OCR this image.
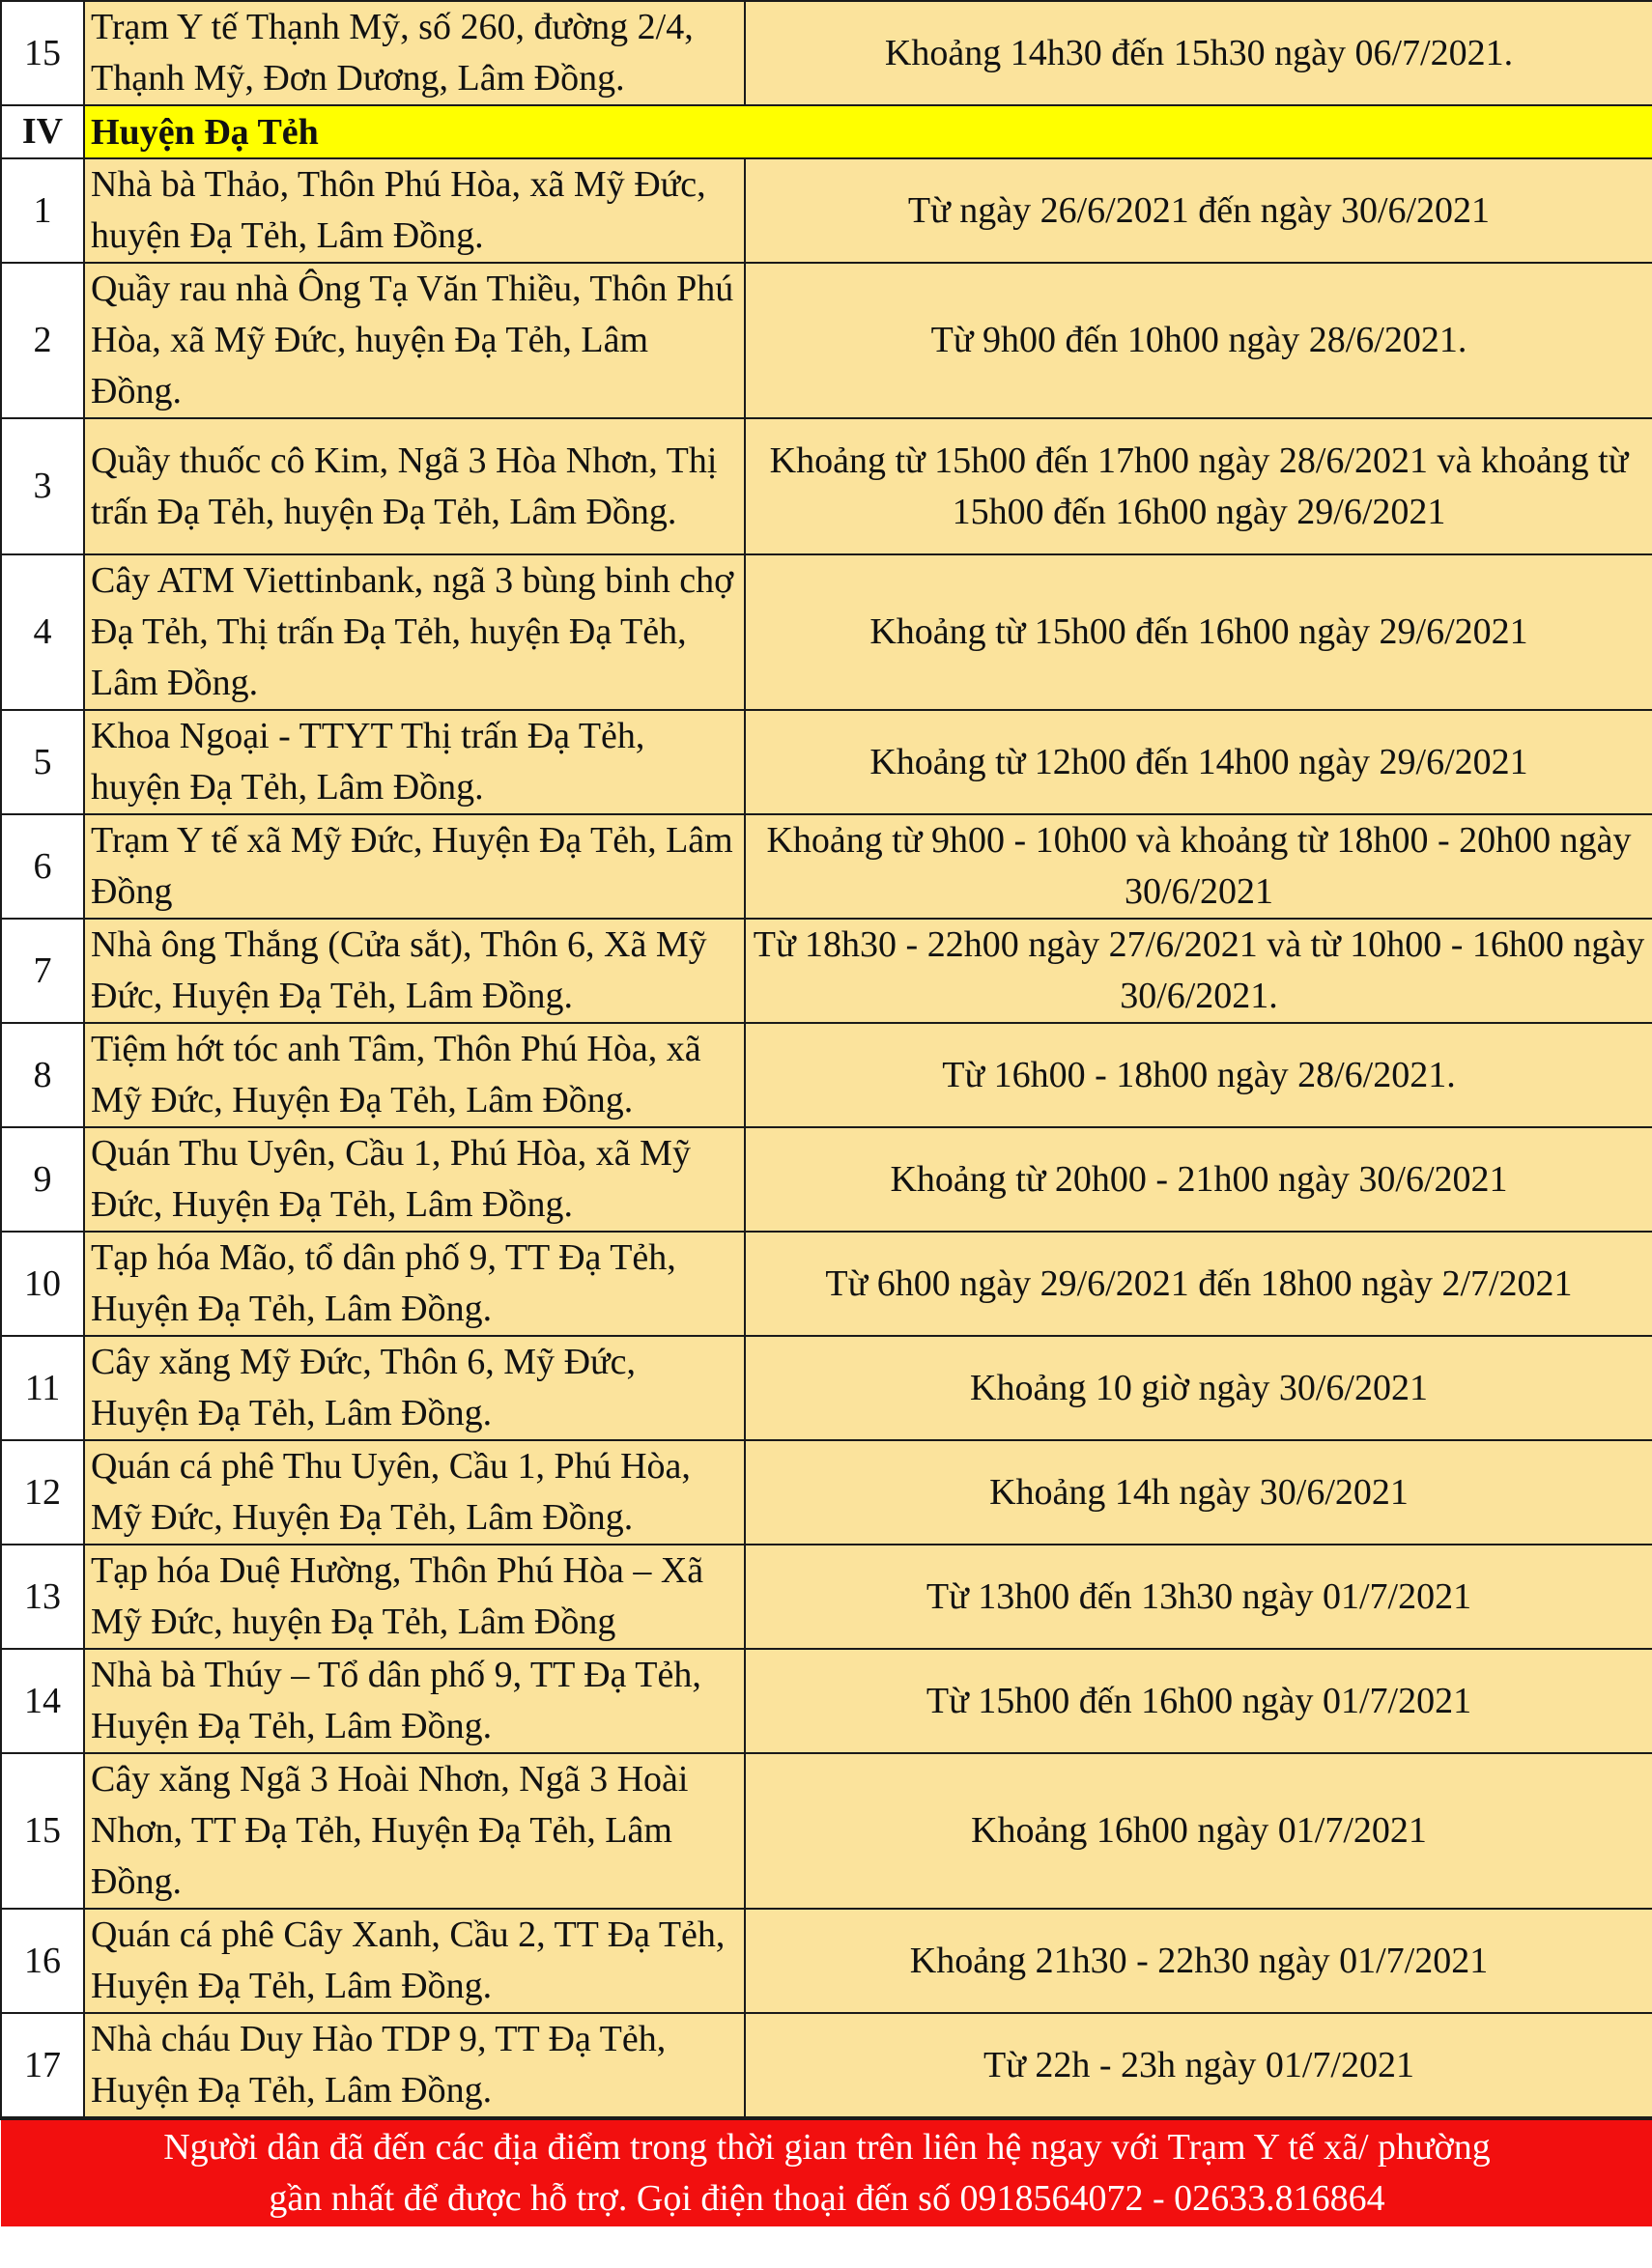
15	Trạm Y tế Thạnh Mỹ, số 260, đường 2/4, Thạnh Mỹ, Đơn Dương, Lâm Đồng.	Khoảng 14h30 đến 15h30 ngày 06/7/2021.
IV	Huyện Đạ Tẻh	
1	Nhà bà Thảo, Thôn Phú Hòa, xã Mỹ Đức, huyện Đạ Tẻh, Lâm Đồng.	Từ ngày 26/6/2021 đến ngày 30/6/2021
2	Quầy rau nhà Ông Tạ Văn Thiều, Thôn Phú Hòa, xã Mỹ Đức, huyện Đạ Tẻh, Lâm Đồng.	Từ 9h00 đến 10h00 ngày 28/6/2021.
3	Quầy thuốc cô Kim, Ngã 3 Hòa Nhơn, Thị trấn Đạ Tẻh, huyện Đạ Tẻh, Lâm Đồng.	Khoảng từ 15h00 đến 17h00 ngày 28/6/2021 và khoảng từ 15h00 đến 16h00 ngày 29/6/2021
4	Cây ATM Viettinbank, ngã 3 bùng binh chợ Đạ Tẻh, Thị trấn Đạ Tẻh, huyện Đạ Tẻh, Lâm Đồng.	Khoảng từ 15h00 đến 16h00 ngày 29/6/2021
5	Khoa Ngoại - TTYT Thị trấn Đạ Tẻh, huyện Đạ Tẻh, Lâm Đồng.	Khoảng từ 12h00 đến 14h00 ngày 29/6/2021
6	Trạm Y tế xã Mỹ Đức, Huyện Đạ Tẻh, Lâm Đồng	Khoảng từ 9h00 - 10h00 và khoảng từ 18h00 - 20h00 ngày 30/6/2021
7	Nhà ông Thắng (Cửa sắt), Thôn 6, Xã Mỹ Đức, Huyện Đạ Tẻh, Lâm Đồng.	Từ 18h30 - 22h00 ngày 27/6/2021 và từ 10h00 - 16h00 ngày 30/6/2021.
8	Tiệm hớt tóc anh Tâm, Thôn Phú Hòa, xã Mỹ Đức, Huyện Đạ Tẻh, Lâm Đồng.	Từ 16h00 - 18h00 ngày 28/6/2021.
9	Quán Thu Uyên, Cầu 1, Phú Hòa, xã Mỹ Đức, Huyện Đạ Tẻh, Lâm Đồng.	Khoảng từ 20h00 - 21h00 ngày 30/6/2021
10	Tạp hóa Mão, tổ dân phố 9, TT Đạ Tẻh, Huyện Đạ Tẻh, Lâm Đồng.	Từ 6h00 ngày 29/6/2021 đến 18h00 ngày 2/7/2021
11	Cây xăng Mỹ Đức, Thôn 6, Mỹ Đức, Huyện Đạ Tẻh, Lâm Đồng.	Khoảng 10 giờ ngày 30/6/2021
12	Quán cá phê Thu Uyên, Cầu 1, Phú Hòa, Mỹ Đức, Huyện Đạ Tẻh, Lâm Đồng.	Khoảng 14h ngày 30/6/2021
13	Tạp hóa Duệ Hường, Thôn Phú Hòa – Xã Mỹ Đức, huyện Đạ Tẻh, Lâm Đồng	Từ 13h00 đến 13h30 ngày 01/7/2021
14	Nhà bà Thúy – Tổ dân phố 9, TT Đạ Tẻh, Huyện Đạ Tẻh, Lâm Đồng.	Từ 15h00 đến 16h00 ngày 01/7/2021
15	Cây xăng Ngã 3 Hoài Nhơn, Ngã 3 Hoài Nhơn, TT Đạ Tẻh, Huyện Đạ Tẻh, Lâm Đồng.	Khoảng 16h00 ngày 01/7/2021
16	Quán cá phê Cây Xanh, Cầu 2, TT Đạ Tẻh, Huyện Đạ Tẻh, Lâm Đồng.	Khoảng 21h30 - 22h30 ngày 01/7/2021
17	Nhà cháu Duy Hào TDP 9, TT Đạ Tẻh, Huyện Đạ Tẻh, Lâm Đồng.	Từ 22h - 23h ngày 01/7/2021

Người dân đã đến các địa điểm trong thời gian trên liên hệ ngay với Trạm Y tế xã/ phường
gần nhất để được hỗ trợ. Gọi điện thoại đến số 0918564072 - 02633.816864		
